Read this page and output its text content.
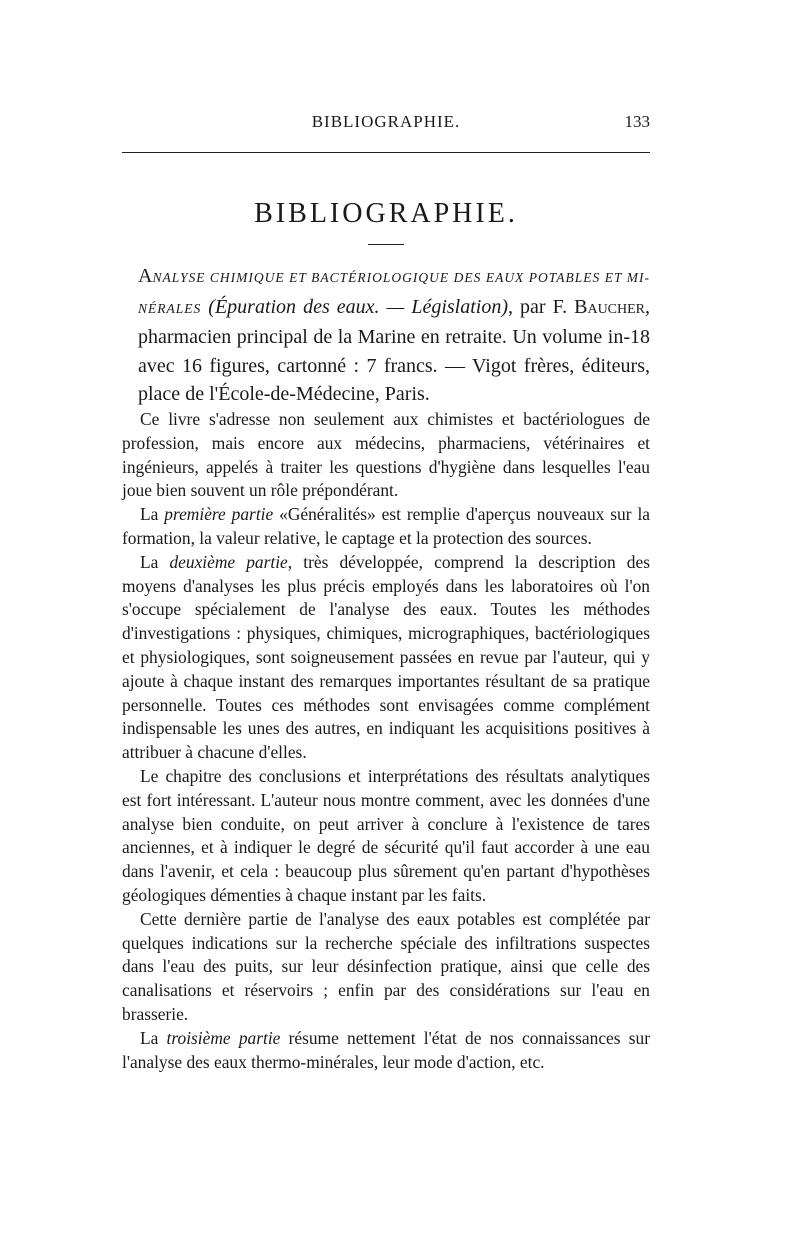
BIBLIOGRAPHIE.	133
BIBLIOGRAPHIE.
ANALYSE CHIMIQUE ET BACTÉRIOLOGIQUE DES EAUX POTABLES ET MI- NÉRALES (Épuration des eaux. — Législation), par F. Baucher, pharmacien principal de la Marine en retraite. Un volume in-18 avec 16 figures, cartonné : 7 francs. — Vigot frères, éditeurs, place de l'École-de-Médecine, Paris.

Ce livre s'adresse non seulement aux chimistes et bactériologues de profession, mais encore aux médecins, pharmaciens, vétérinaires et ingénieurs, appelés à traiter les questions d'hygiène dans lesquelles l'eau joue bien souvent un rôle prépondérant.

La première partie «Généralités» est remplie d'aperçus nouveaux sur la formation, la valeur relative, le captage et la protection des sources.

La deuxième partie, très développée, comprend la description des moyens d'analyses les plus précis employés dans les laboratoires où l'on s'occupe spécialement de l'analyse des eaux. Toutes les méthodes d'investigations : physiques, chimiques, micrographiques, bactériologiques et physiologiques, sont soigneusement passées en revue par l'auteur, qui y ajoute à chaque instant des remarques importantes résultant de sa pratique personnelle. Toutes ces méthodes sont envisagées comme complément indispensable les unes des autres, en indiquant les acquisitions positives à attribuer à chacune d'elles.

Le chapitre des conclusions et interprétations des résultats analytiques est fort intéressant. L'auteur nous montre comment, avec les données d'une analyse bien conduite, on peut arriver à conclure à l'existence de tares anciennes, et à indiquer le degré de sécurité qu'il faut accorder à une eau dans l'avenir, et cela : beaucoup plus sûrement qu'en partant d'hypothèses géologiques démenties à chaque instant par les faits.

Cette dernière partie de l'analyse des eaux potables est complétée par quelques indications sur la recherche spéciale des infiltrations suspectes dans l'eau des puits, sur leur désinfection pratique, ainsi que celle des canalisations et réservoirs ; enfin par des considérations sur l'eau en brasserie.

La troisième partie résume nettement l'état de nos connaissances sur l'analyse des eaux thermo-minérales, leur mode d'action, etc.
